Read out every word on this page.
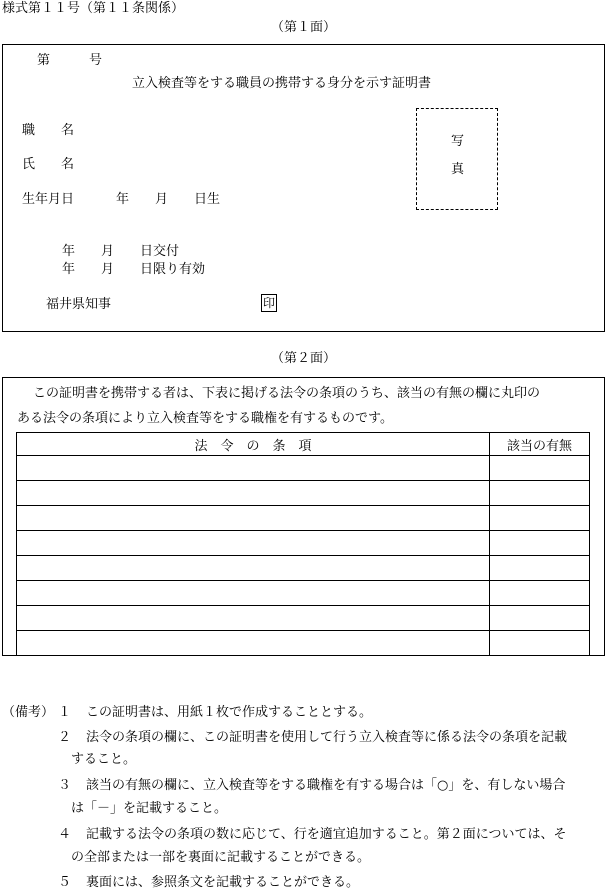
様式第１１号（第１１条関係）
（第１面）
第　　　号
立入検査等をする職員の携帯する身分を示す証明書
職　　名
氏　　名
生年月日	年　　月　　日生
写
真
年　　月　　日交付
年　　月　　日限り有効
福井県知事	印
（第２面）
この証明書を携帯する者は、下表に掲げる法令の条項のうち、該当の有無の欄に丸印の
ある法令の条項により立入検査等をする職権を有するものです。
法　令　の　条　項	該当の有無

（備考） １ この証明書は、用紙１枚で作成することとする。
２ 法令の条項の欄に、この証明書を使用して行う立入検査等に係る法令の条項を記載
すること。
３ 該当の有無の欄に、立入検査等をする職権を有する場合は「○」を、有しない場合
は「－」を記載すること。
４ 記載する法令の条項の数に応じて、行を適宜追加すること。第２面については、そ
の全部または一部を裏面に記載することができる。
５ 裏面には、参照条文を記載することができる。
